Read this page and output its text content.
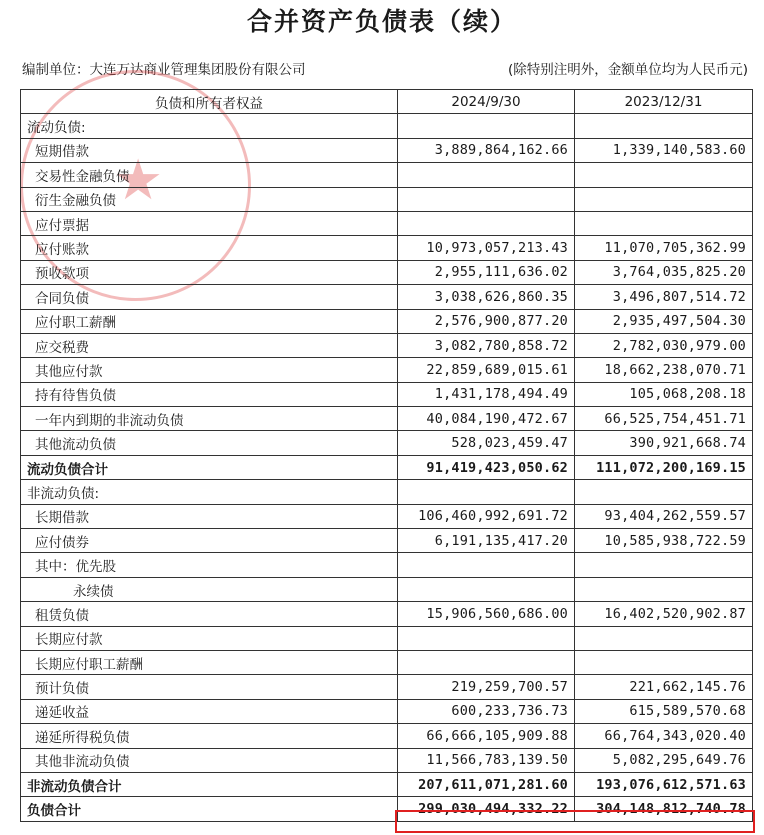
合并资产负债表（续）
编制单位：大连万达商业管理集团股份有限公司	(除特别注明外，金额单位均为人民币元)
★
负债和所有者权益	2024/9/30	2023/12/31
流动负债:		
短期借款	3,889,864,162.66	1,339,140,583.60
交易性金融负债		
衍生金融负债		
应付票据		
应付账款	10,973,057,213.43	11,070,705,362.99
预收款项	2,955,111,636.02	3,764,035,825.20
合同负债	3,038,626,860.35	3,496,807,514.72
应付职工薪酬	2,576,900,877.20	2,935,497,504.30
应交税费	3,082,780,858.72	2,782,030,979.00
其他应付款	22,859,689,015.61	18,662,238,070.71
持有待售负债	1,431,178,494.49	105,068,208.18
一年内到期的非流动负债	40,084,190,472.67	66,525,754,451.71
其他流动负债	528,023,459.47	390,921,668.74
流动负债合计	91,419,423,050.62	111,072,200,169.15
非流动负债:		
长期借款	106,460,992,691.72	93,404,262,559.57
应付债券	6,191,135,417.20	10,585,938,722.59
其中：优先股		
永续债		
租赁负债	15,906,560,686.00	16,402,520,902.87
长期应付款		
长期应付职工薪酬		
预计负债	219,259,700.57	221,662,145.76
递延收益	600,233,736.73	615,589,570.68
递延所得税负债	66,666,105,909.88	66,764,343,020.40
其他非流动负债	11,566,783,139.50	5,082,295,649.76
非流动负债合计	207,611,071,281.60	193,076,612,571.63
负债合计	299,030,494,332.22	304,148,812,740.78
